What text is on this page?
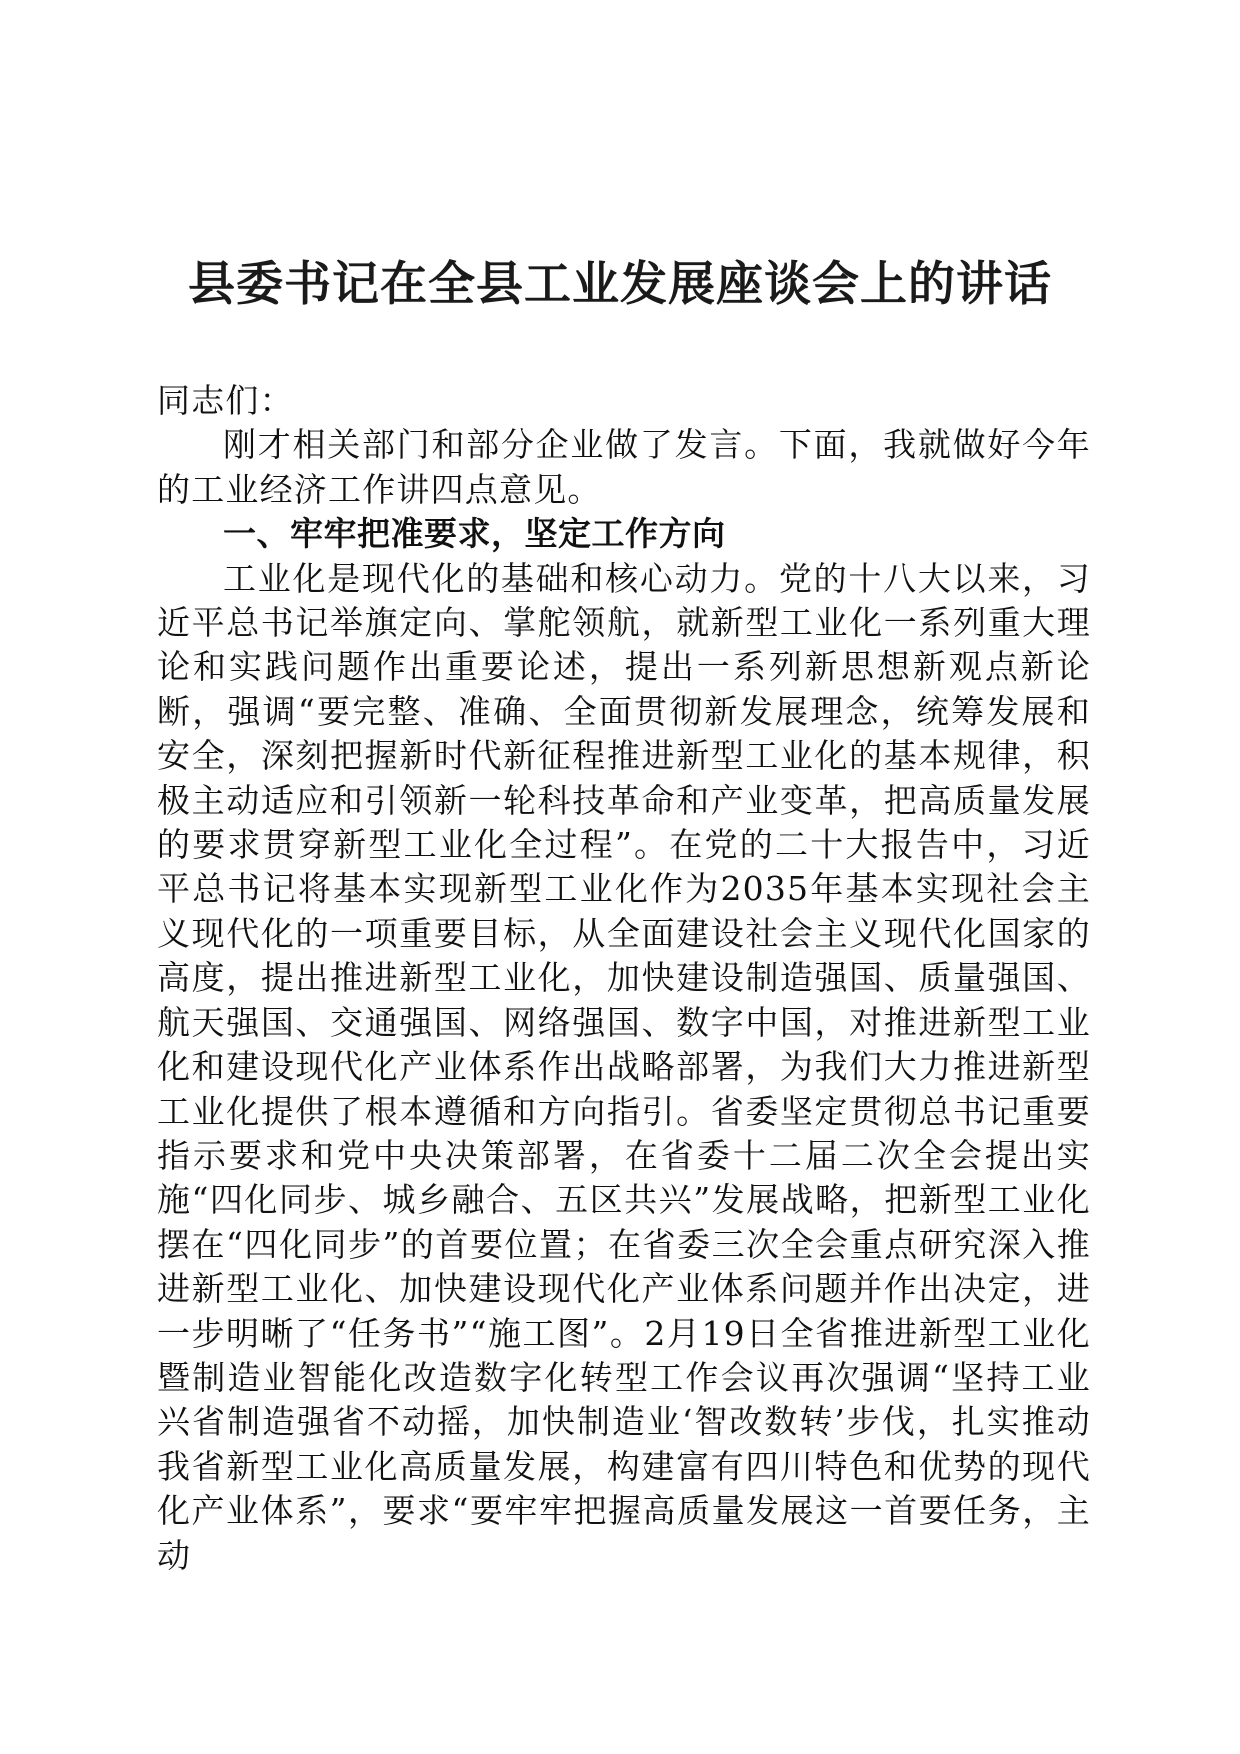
县委书记在全县工业发展座谈会上的讲话

同志们：

刚才相关部门和部分企业做了发言。下面，我就做好今年的工业经济工作讲四点意见。

一、牢牢把准要求，坚定工作方向

工业化是现代化的基础和核心动力。党的十八大以来，习近平总书记举旗定向、掌舵领航，就新型工业化一系列重大理论和实践问题作出重要论述，提出一系列新思想新观点新论断，强调“要完整、准确、全面贯彻新发展理念，统筹发展和安全，深刻把握新时代新征程推进新型工业化的基本规律，积极主动适应和引领新一轮科技革命和产业变革，把高质量发展的要求贯穿新型工业化全过程”。在党的二十大报告中，习近平总书记将基本实现新型工业化作为2035年基本实现社会主义现代化的一项重要目标，从全面建设社会主义现代化国家的高度，提出推进新型工业化，加快建设制造强国、质量强国、航天强国、交通强国、网络强国、数字中国，对推进新型工业化和建设现代化产业体系作出战略部署，为我们大力推进新型工业化提供了根本遵循和方向指引。省委坚定贯彻总书记重要指示要求和党中央决策部署，在省委十二届二次全会提出实施“四化同步、城乡融合、五区共兴”发展战略，把新型工业化摆在“四化同步”的首要位置；在省委三次全会重点研究深入推进新型工业化、加快建设现代化产业体系问题并作出决定，进一步明晰了“任务书”“施工图”。2月19日全省推进新型工业化暨制造业智能化改造数字化转型工作会议再次强调“坚持工业兴省制造强省不动摇，加快制造业‘智改数转’步伐，扎实推动我省新型工业化高质量发展，构建富有四川特色和优势的现代化产业体系”，要求“要牢牢把握高质量发展这一首要任务，主动
